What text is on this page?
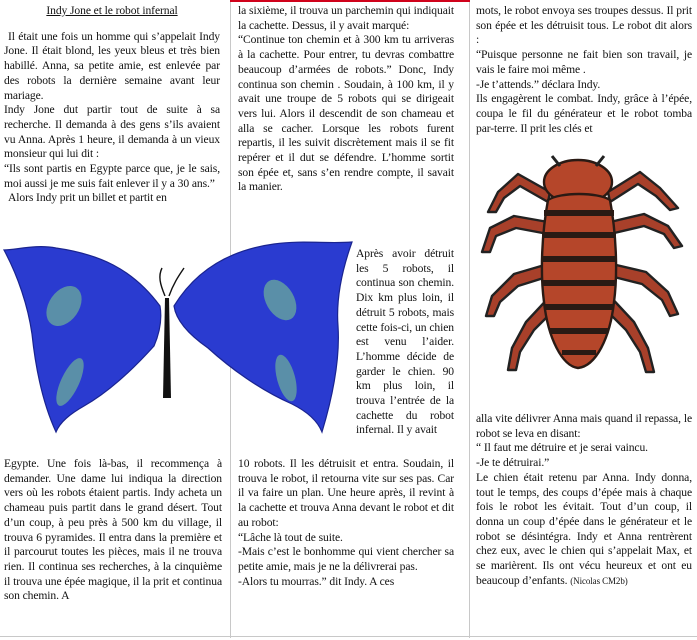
Indy Jone et le robot infernal

Il était une fois un homme qui s’appelait Indy Jone. Il était blond, les yeux bleus et très bien habillé. Anna, sa petite amie, est enlevée par des robots la dernière semaine avant leur mariage.

Indy Jone dut partir tout de suite à sa recherche. Il demanda à des gens s’ils avaient vu Anna. Après 1 heure, il demanda à un vieux monsieur qui lui dit :

“Ils sont partis en Egypte parce que, je le sais, moi aussi je me suis fait enlever il y a 30 ans.”

Alors Indy prit un billet et partit en

Egypte. Une fois là-bas, il recommença à demander. Une dame lui indiqua la direction vers où les robots étaient partis. Indy acheta un chameau puis partit dans le grand désert. Tout d’un coup, à peu près à 500 km du village, il trouva 6 pyramides. Il entra dans la première et il parcourut toutes les pièces, mais il ne trouva rien. Il continua ses recherches, à la cinquième il trouva une épée magique, il la prit et continua son chemin. A

la sixième, il trouva un parchemin qui indiquait la cachette. Dessus, il y avait marqué:

“Continue ton chemin et à 300 km tu arriveras à la cachette. Pour entrer, tu devras combattre beaucoup d’armées de robots.” Donc, Indy continua son chemin . Soudain, à 100 km, il y avait une troupe de 5 robots qui se dirigeait vers lui. Alors il descendit de son chameau et alla se cacher. Lorsque les robots furent repartis, il les suivit discrètement mais il se fit repérer et il dut se défendre. L’homme sortit son épée et, sans s’en rendre compte, il savait la manier.

Après avoir détruit les 5 robots, il continua son chemin. Dix km plus loin, il détruit 5 robots, mais cette fois-ci, un chien est venu l’aider. L’homme décide de garder le chien. 90 km plus loin, il trouva l’entrée de la cachette du robot infernal. Il y avait

10 robots. Il les détruisit et entra. Soudain, il trouva le robot, il retourna vite sur ses pas. Car il va faire un plan. Une heure après, il revint à la cachette et trouva Anna devant le robot et dit au robot:

“Lâche là tout de suite.

-Mais c’est le bonhomme qui vient chercher sa petite amie, mais je ne la délivrerai pas.

-Alors tu mourras.” dit Indy. A ces

mots, le robot envoya ses troupes dessus. Il prit son épée et les détruisit tous. Le robot dit alors :

“Puisque personne ne fait bien son travail, je vais le faire moi même .

-Je t’attends.” déclara Indy.

Ils engagèrent le combat. Indy, grâce à l’épée, coupa le fil du générateur et le robot tomba par-terre. Il prit les clés et

alla vite délivrer Anna mais quand il repassa, le robot se leva en disant:

“ Il faut me détruire et je serai vaincu.

-Je te détruirai.”

Le chien était retenu par Anna. Indy donna, tout le temps, des coups d’épée mais à chaque fois le robot les évitait. Tout d’un coup, il donna un coup d’épée dans le générateur et le robot se désintégra. Indy et Anna rentrèrent chez eux, avec le chien qui s’appelait Max, et se marièrent. Ils ont vécu heureux et ont eu beaucoup d’enfants. (Nicolas CM2b)
